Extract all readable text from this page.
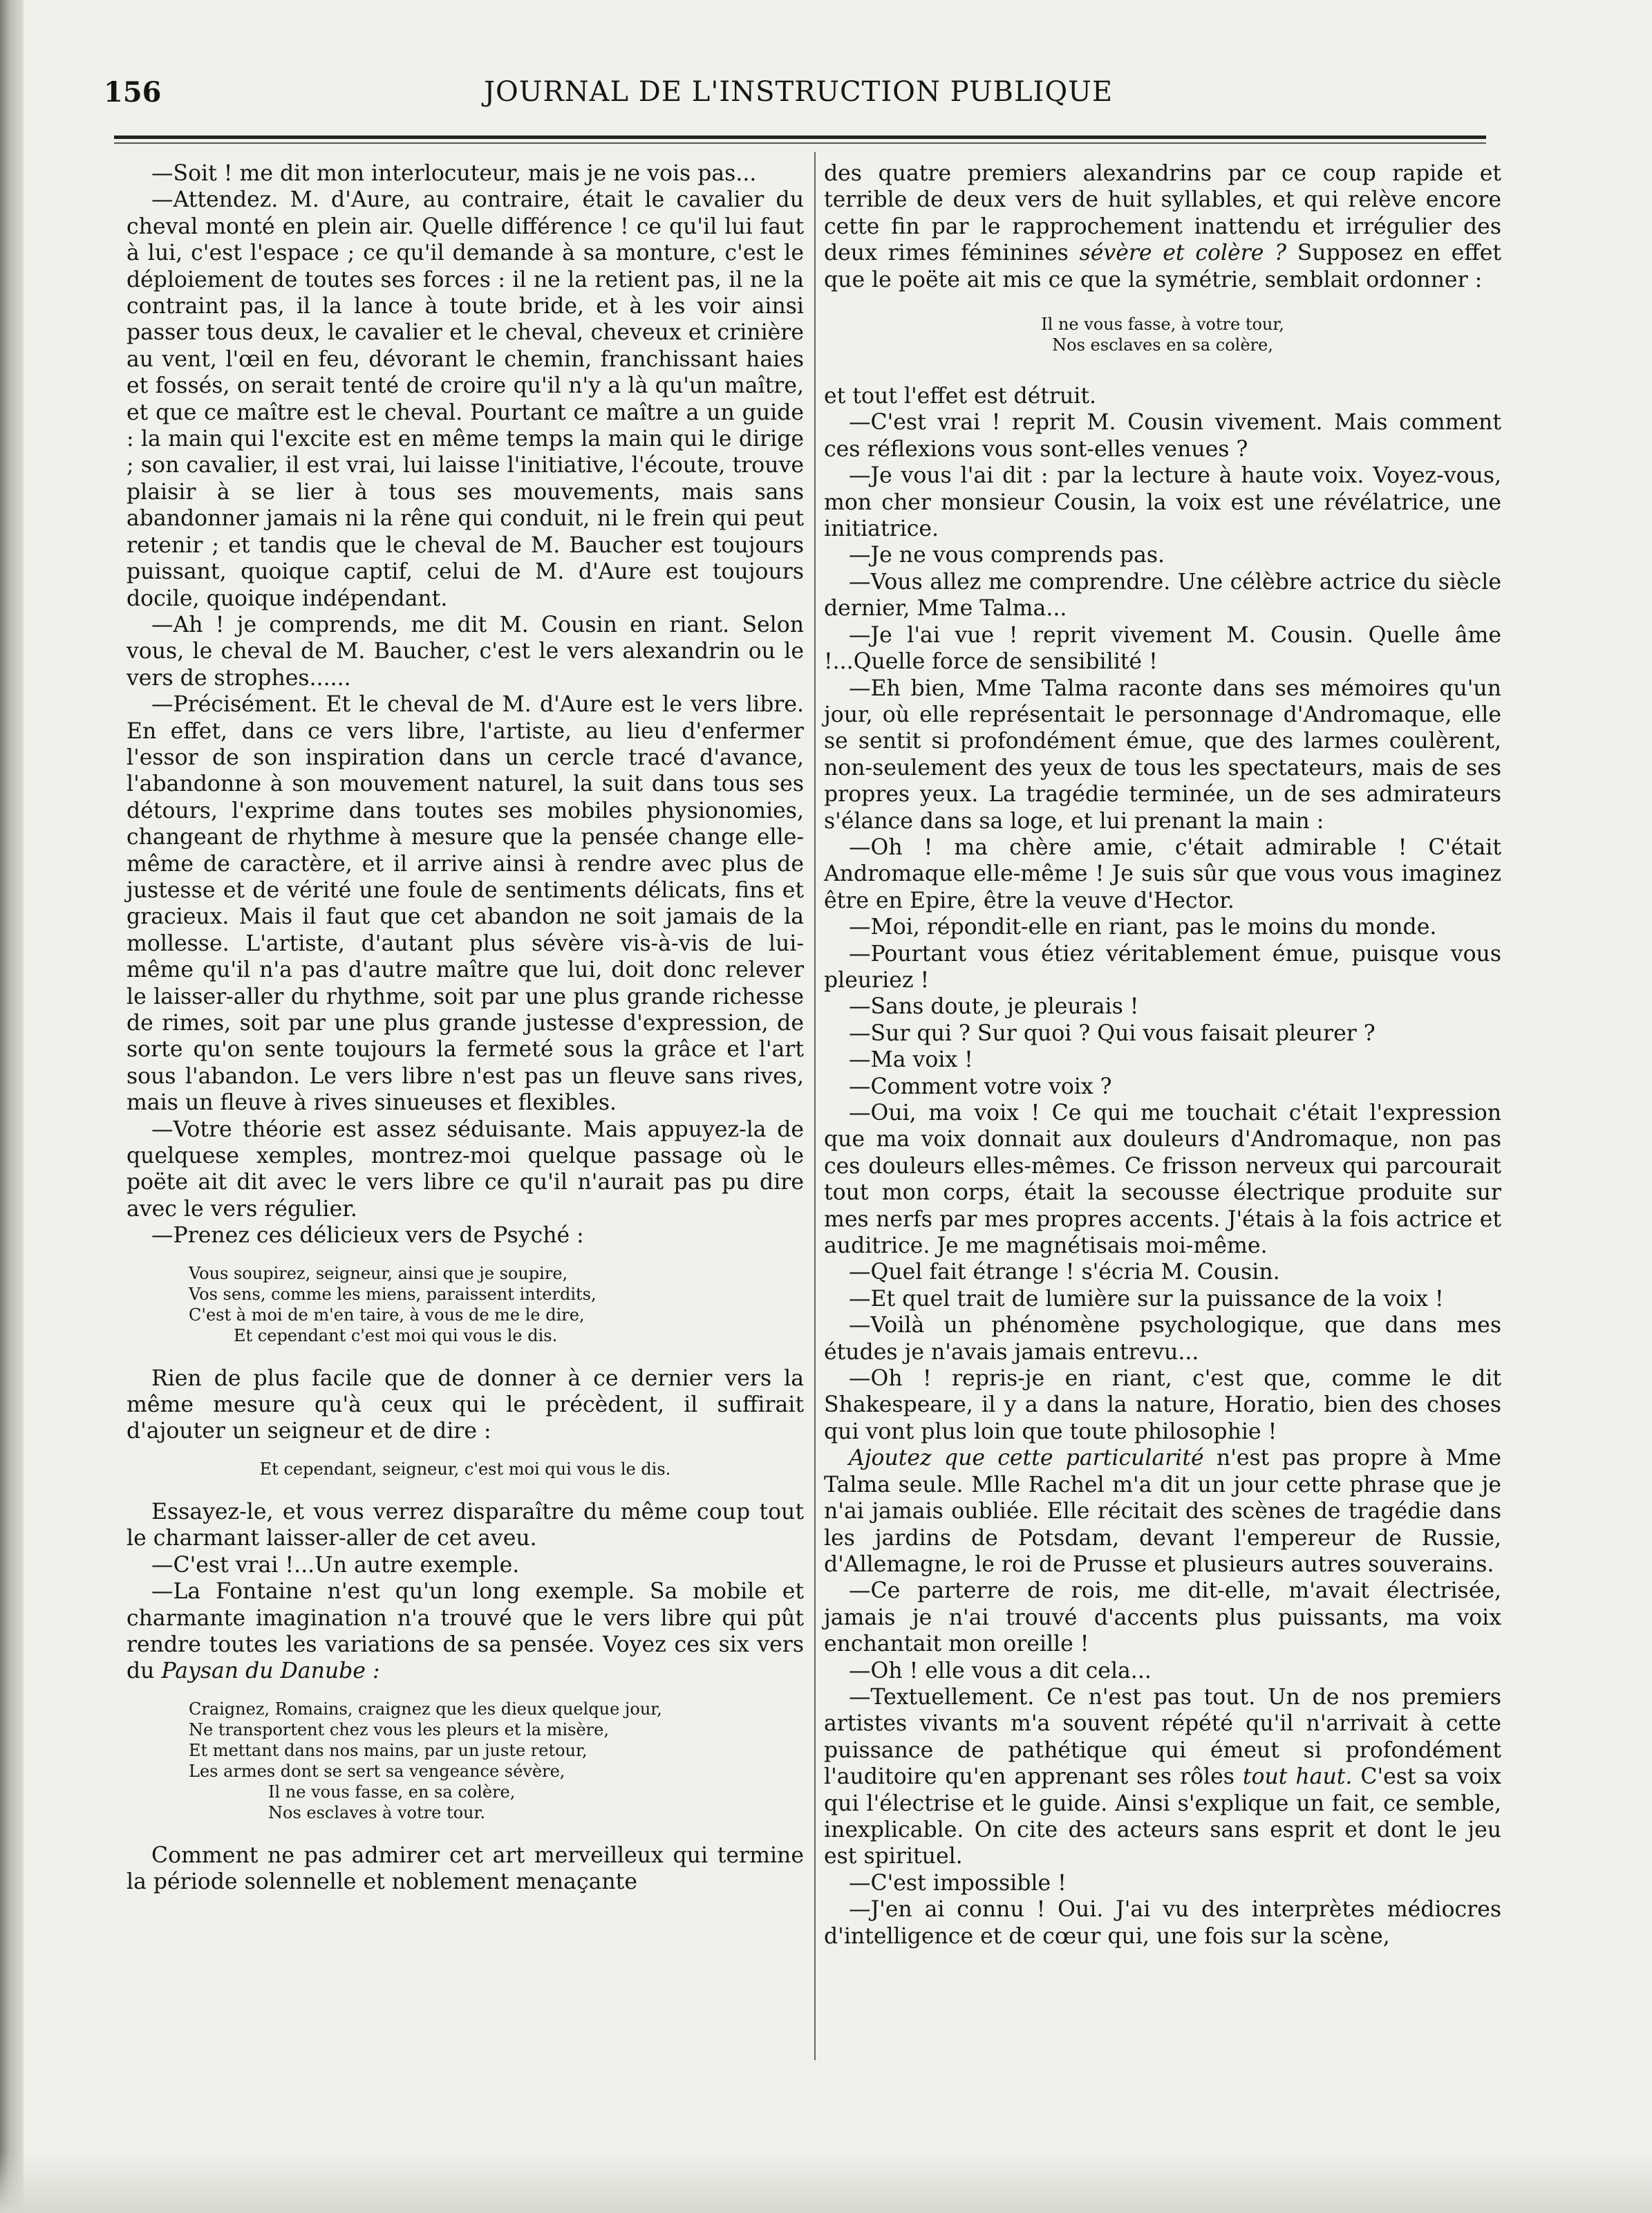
156	JOURNAL DE L'INSTRUCTION PUBLIQUE

—Soit ! me dit mon interlocuteur, mais je ne vois pas...

—Attendez. M. d'Aure, au contraire, était le cavalier du cheval monté en plein air. Quelle différence ! ce qu'il lui faut à lui, c'est l'espace ; ce qu'il demande à sa monture, c'est le déploiement de toutes ses forces : il ne la retient pas, il ne la contraint pas, il la lance à toute bride, et à les voir ainsi passer tous deux, le cavalier et le cheval, cheveux et crinière au vent, l'œil en feu, dévorant le chemin, franchissant haies et fossés, on serait tenté de croire qu'il n'y a là qu'un maître, et que ce maître est le cheval. Pourtant ce maître a un guide : la main qui l'excite est en même temps la main qui le dirige ; son cavalier, il est vrai, lui laisse l'initiative, l'écoute, trouve plaisir à se lier à tous ses mouvements, mais sans abandonner jamais ni la rêne qui conduit, ni le frein qui peut retenir ; et tandis que le cheval de M. Baucher est toujours puissant, quoique captif, celui de M. d'Aure est toujours docile, quoique indépendant.

—Ah ! je comprends, me dit M. Cousin en riant. Selon vous, le cheval de M. Baucher, c'est le vers alexandrin ou le vers de strophes......

—Précisément. Et le cheval de M. d'Aure est le vers libre. En effet, dans ce vers libre, l'artiste, au lieu d'enfermer l'essor de son inspiration dans un cercle tracé d'avance, l'abandonne à son mouvement naturel, la suit dans tous ses détours, l'exprime dans toutes ses mobiles physionomies, changeant de rhythme à mesure que la pensée change elle-même de caractère, et il arrive ainsi à rendre avec plus de justesse et de vérité une foule de sentiments délicats, fins et gracieux. Mais il faut que cet abandon ne soit jamais de la mollesse. L'artiste, d'autant plus sévère vis-à-vis de lui-même qu'il n'a pas d'autre maître que lui, doit donc relever le laisser-aller du rhythme, soit par une plus grande richesse de rimes, soit par une plus grande justesse d'expression, de sorte qu'on sente toujours la fermeté sous la grâce et l'art sous l'abandon. Le vers libre n'est pas un fleuve sans rives, mais un fleuve à rives sinueuses et flexibles.

—Votre théorie est assez séduisante. Mais appuyez-la de quelquese xemples, montrez-moi quelque passage où le poëte ait dit avec le vers libre ce qu'il n'aurait pas pu dire avec le vers régulier.

—Prenez ces délicieux vers de Psyché :

Vous soupirez, seigneur, ainsi que je soupire,
Vos sens, comme les miens, paraissent interdits,
C'est à moi de m'en taire, à vous de me le dire,
Et cependant c'est moi qui vous le dis.

Rien de plus facile que de donner à ce dernier vers la même mesure qu'à ceux qui le précèdent, il suffirait d'ajouter un seigneur et de dire :

Et cependant, seigneur, c'est moi qui vous le dis.

Essayez-le, et vous verrez disparaître du même coup tout le charmant laisser-aller de cet aveu.

—C'est vrai !...Un autre exemple.

—La Fontaine n'est qu'un long exemple. Sa mobile et charmante imagination n'a trouvé que le vers libre qui pût rendre toutes les variations de sa pensée. Voyez ces six vers du Paysan du Danube :

Craignez, Romains, craignez que les dieux quelque jour,
Ne transportent chez vous les pleurs et la misère,
Et mettant dans nos mains, par un juste retour,
Les armes dont se sert sa vengeance sévère,
Il ne vous fasse, en sa colère,
Nos esclaves à votre tour.

Comment ne pas admirer cet art merveilleux qui termine la période solennelle et noblement menaçante

des quatre premiers alexandrins par ce coup rapide et terrible de deux vers de huit syllables, et qui relève encore cette fin par le rapprochement inattendu et irrégulier des deux rimes féminines sévère et colère ? Supposez en effet que le poëte ait mis ce que la symétrie, semblait ordonner :

Il ne vous fasse, à votre tour,
Nos esclaves en sa colère,

et tout l'effet est détruit.

—C'est vrai ! reprit M. Cousin vivement. Mais comment ces réflexions vous sont-elles venues ?

—Je vous l'ai dit : par la lecture à haute voix. Voyez-vous, mon cher monsieur Cousin, la voix est une révélatrice, une initiatrice.

—Je ne vous comprends pas.

—Vous allez me comprendre. Une célèbre actrice du siècle dernier, Mme Talma...

—Je l'ai vue ! reprit vivement M. Cousin. Quelle âme !...Quelle force de sensibilité !

—Eh bien, Mme Talma raconte dans ses mémoires qu'un jour, où elle représentait le personnage d'Andromaque, elle se sentit si profondément émue, que des larmes coulèrent, non-seulement des yeux de tous les spectateurs, mais de ses propres yeux. La tragédie terminée, un de ses admirateurs s'élance dans sa loge, et lui prenant la main :

—Oh ! ma chère amie, c'était admirable ! C'était Andromaque elle-même ! Je suis sûr que vous vous imaginez être en Epire, être la veuve d'Hector.

—Moi, répondit-elle en riant, pas le moins du monde.

—Pourtant vous étiez véritablement émue, puisque vous pleuriez !

—Sans doute, je pleurais !

—Sur qui ? Sur quoi ? Qui vous faisait pleurer ?

—Ma voix !

—Comment votre voix ?

—Oui, ma voix ! Ce qui me touchait c'était l'expression que ma voix donnait aux douleurs d'Andromaque, non pas ces douleurs elles-mêmes. Ce frisson nerveux qui parcourait tout mon corps, était la secousse électrique produite sur mes nerfs par mes propres accents. J'étais à la fois actrice et auditrice. Je me magnétisais moi-même.

—Quel fait étrange ! s'écria M. Cousin.

—Et quel trait de lumière sur la puissance de la voix !

—Voilà un phénomène psychologique, que dans mes études je n'avais jamais entrevu...

—Oh ! repris-je en riant, c'est que, comme le dit Shakespeare, il y a dans la nature, Horatio, bien des choses qui vont plus loin que toute philosophie !

Ajoutez que cette particularité n'est pas propre à Mme Talma seule. Mlle Rachel m'a dit un jour cette phrase que je n'ai jamais oubliée. Elle récitait des scènes de tragédie dans les jardins de Potsdam, devant l'empereur de Russie, d'Allemagne, le roi de Prusse et plusieurs autres souverains.

—Ce parterre de rois, me dit-elle, m'avait électrisée, jamais je n'ai trouvé d'accents plus puissants, ma voix enchantait mon oreille !

—Oh ! elle vous a dit cela...

—Textuellement. Ce n'est pas tout. Un de nos premiers artistes vivants m'a souvent répété qu'il n'arrivait à cette puissance de pathétique qui émeut si profondément l'auditoire qu'en apprenant ses rôles tout haut. C'est sa voix qui l'électrise et le guide. Ainsi s'explique un fait, ce semble, inexplicable. On cite des acteurs sans esprit et dont le jeu est spirituel.

—C'est impossible !

—J'en ai connu ! Oui. J'ai vu des interprètes médiocres d'intelligence et de cœur qui, une fois sur la scène,
